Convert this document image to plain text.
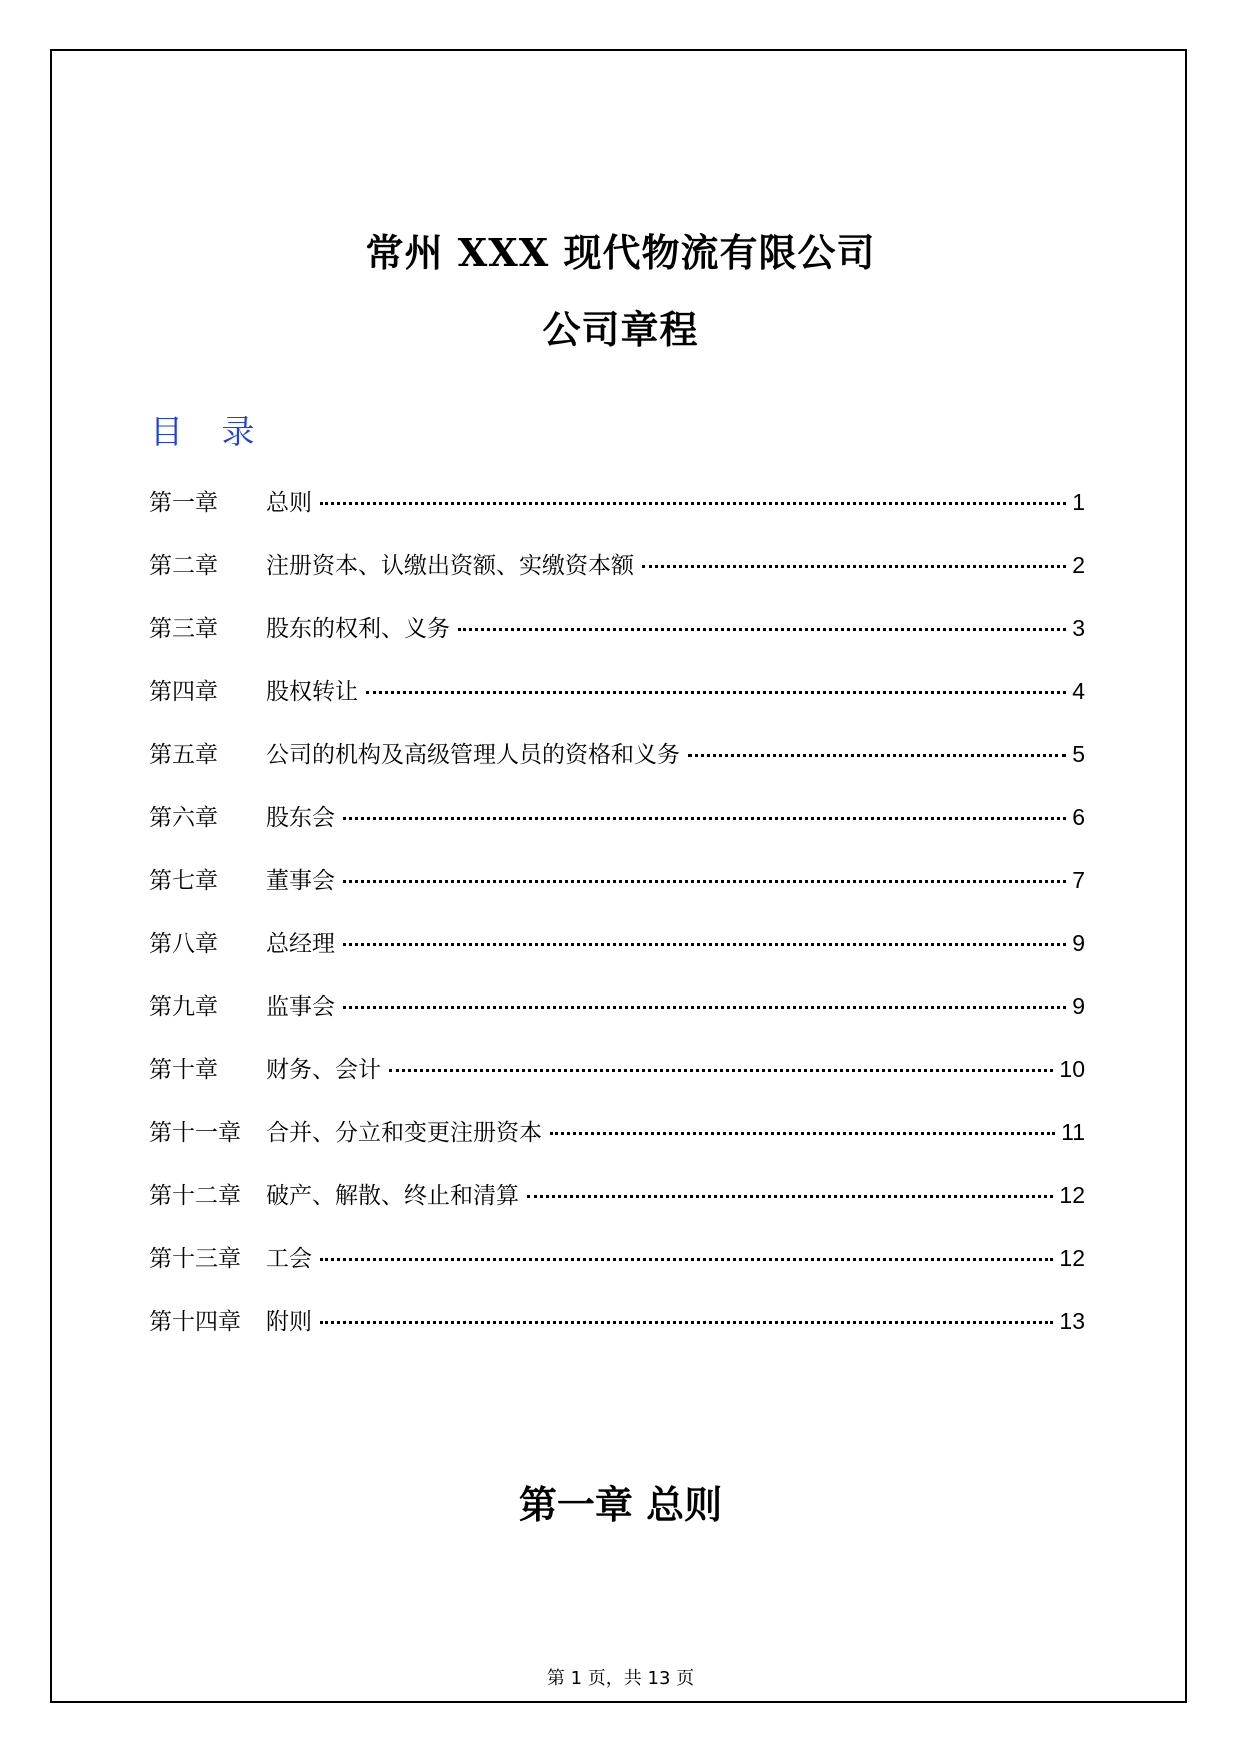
常州 XXX 现代物流有限公司
公司章程
目 录
第一章	总则	1
第二章	注册资本、认缴出资额、实缴资本额	2
第三章	股东的权利、义务	3
第四章	股权转让	4
第五章	公司的机构及高级管理人员的资格和义务	5
第六章	股东会	6
第七章	董事会	7
第八章	总经理	9
第九章	监事会	9
第十章	财务、会计	10
第十一章	合并、分立和变更注册资本	11
第十二章	破产、解散、终止和清算	12
第十三章	工会	12
第十四章	附则	13
第一章 总则
第 1 页，共 13 页
